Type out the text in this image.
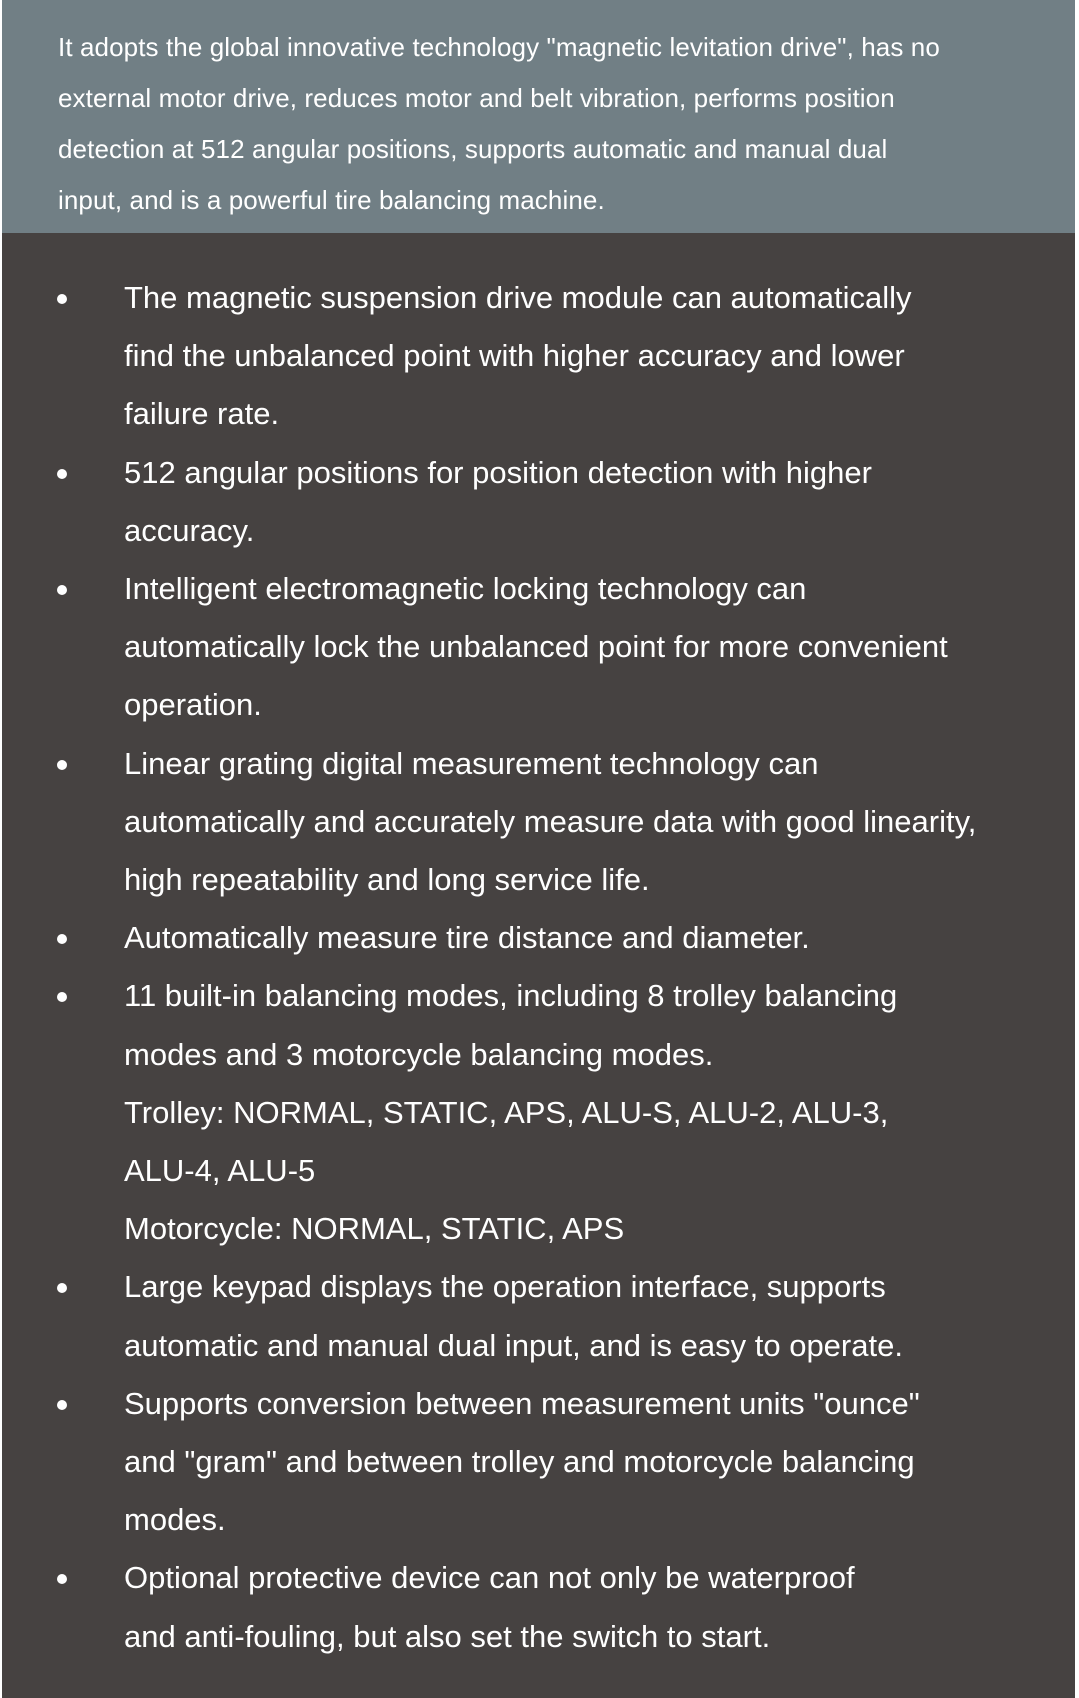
It adopts the global innovative technology "magnetic levitation drive", has no
external motor drive, reduces motor and belt vibration, performs position
detection at 512 angular positions, supports automatic and manual dual
input, and is a powerful tire balancing machine.

The magnetic suspension drive module can automatically
find the unbalanced point with higher accuracy and lower
failure rate.
512 angular positions for position detection with higher
accuracy.
Intelligent electromagnetic locking technology can
automatically lock the unbalanced point for more convenient
operation.
Linear grating digital measurement technology can
automatically and accurately measure data with good linearity,
high repeatability and long service life.
Automatically measure tire distance and diameter.
11 built-in balancing modes, including 8 trolley balancing
modes and 3 motorcycle balancing modes.
Trolley: NORMAL, STATIC, APS, ALU-S, ALU-2, ALU-3,
ALU-4, ALU-5
Motorcycle: NORMAL, STATIC, APS
Large keypad displays the operation interface, supports
automatic and manual dual input, and is easy to operate.
Supports conversion between measurement units "ounce"
and "gram" and between trolley and motorcycle balancing
modes.
Optional protective device can not only be waterproof
and anti-fouling, but also set the switch to start.
